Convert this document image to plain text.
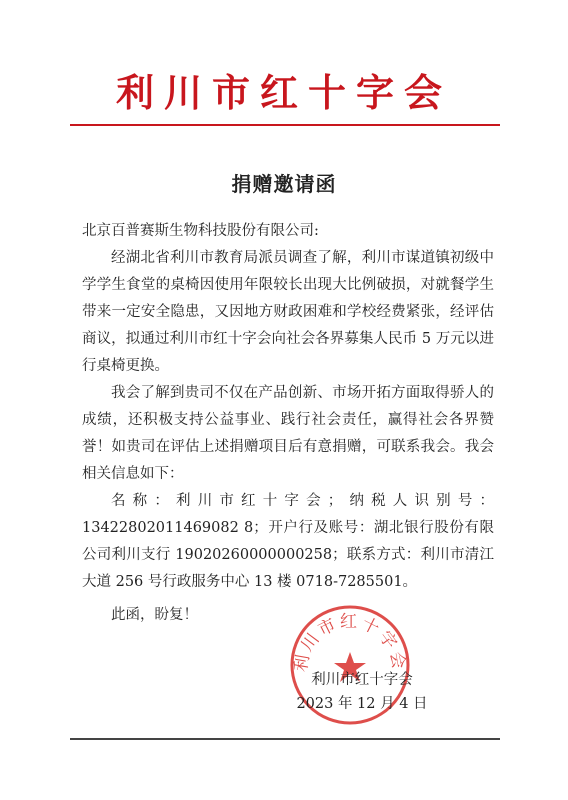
利川市红十字会
捐赠邀请函

北京百普赛斯生物科技股份有限公司:

经湖北省利川市教育局派员调查了解，利川市谋道镇初级中学学生食堂的桌椅因使用年限较长出现大比例破损，对就餐学生带来一定安全隐患，又因地方财政困难和学校经费紧张，经评估商议，拟通过利川市红十字会向社会各界募集人民币 5 万元以进行桌椅更换。

我会了解到贵司不仅在产品创新、市场开拓方面取得骄人的成绩，还积极支持公益事业、践行社会责任，赢得社会各界赞誉！如贵司在评估上述捐赠项目后有意捐赠，可联系我会。我会相关信息如下：

名称：利川市红十字会；纳税人识别号：13422802011469082 8；开户行及账号：湖北银行股份有限公司利川支行 19020260000000258；联系方式：利川市清江大道 256 号行政服务中心 13 楼 0718-7285501。

此函，盼复！

利川市红十字会
利川市红十字会
2023 年 12 月 4 日
